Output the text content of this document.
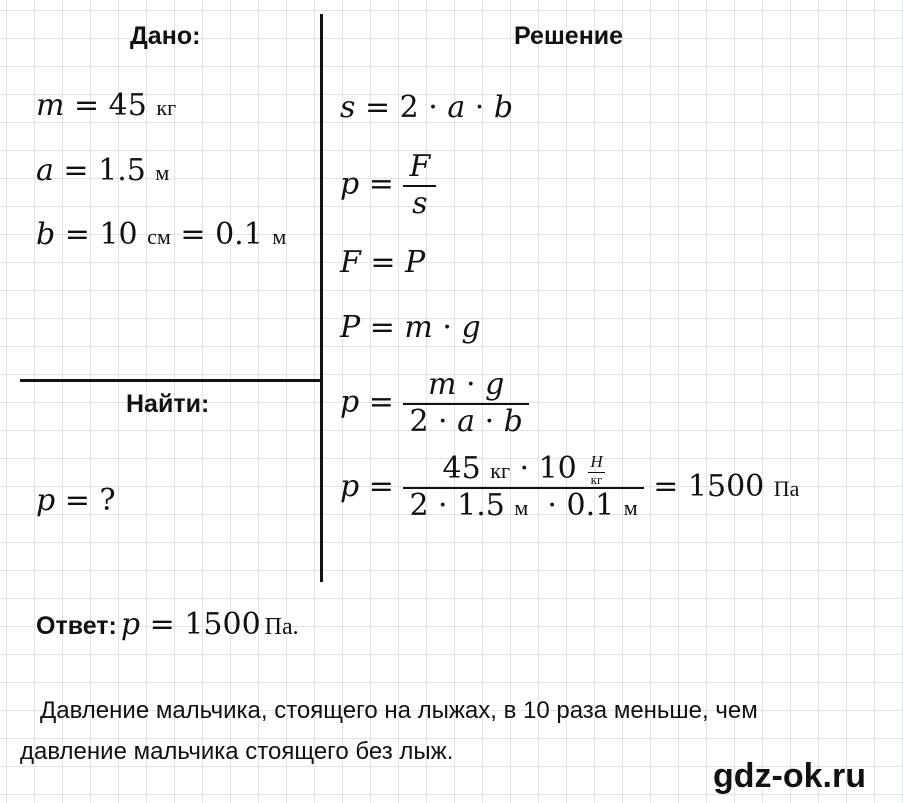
Дано:
m = 45 кг
a = 1.5 м
b = 10 см = 0.1 м
Найти:
p = ?
Решение
s = 2 · a · b
$p = \frac{F}{s}$
F = P
P = m · g
$p = \frac{m \cdot g}{2 \cdot a \cdot b}$
p = 45 кг · 10 Н
кг
2 · 1.5 м  · 0.1 м = 1500 Па
Ответ: p = 1500 Па.
Давление мальчика, стоящего на лыжах, в 10 раза меньше, чем
давление мальчика стоящего без лыж.
gdz-ok.ru
